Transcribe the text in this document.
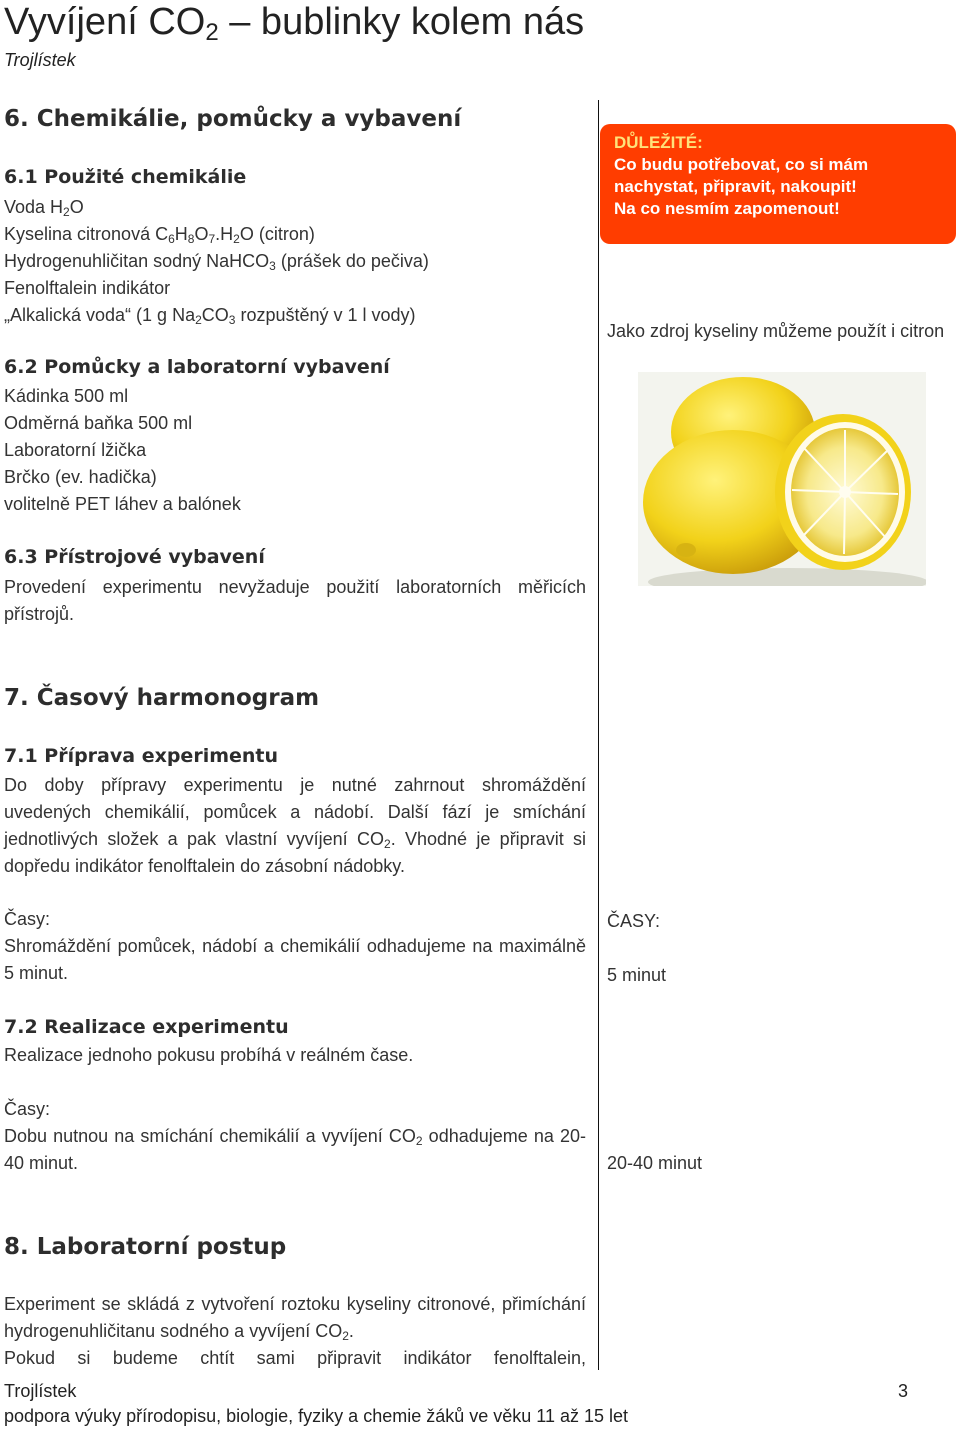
Vyvíjení $CO_2$ – bublinky kolem nás
Trojlístek
6. Chemikálie, pomůcky a vybavení
6.1 Použité chemikálie
Voda $H_2O$
Kyselina citronová $C_6H_8O_7.H_2O$ (citron)
Hydrogenuhličitan sodný NaHCO$_3$ (prášek do pečiva)
Fenolftalein indikátor
„Alkalická voda“ (1 g $Na_2CO_3$ rozpuštěný v 1 l vody)
6.2 Pomůcky a laboratorní vybavení
Kádinka 500 ml
Odměrná baňka 500 ml
Laboratorní lžička
Brčko (ev. hadička)
volitelně PET láhev a balónek
6.3 Přístrojové vybavení
Provedení experimentu nevyžaduje použití laboratorních měřicích přístrojů.
DŮLEŽITÉ:
Co budu potřebovat, co si mám nachystat, připravit, nakoupit!
Na co nesmím zapomenout!
Jako zdroj kyseliny můžeme použít i citron
7. Časový harmonogram
7.1 Příprava experimentu
Do doby přípravy experimentu je nutné zahrnout shromáždění uvedených chemikálií, pomůcek a nádobí. Další fází je smíchání jednotlivých složek a pak vlastní vyvíjení $CO_2$. Vhodné je připravit si dopředu indikátor fenolftalein do zásobní nádobky.
Časy:
Shromáždění pomůcek, nádobí a chemikálií odhadujeme na maximálně 5 minut.
ČASY:
5 minut
7.2 Realizace experimentu
Realizace jednoho pokusu probíhá v reálném čase.
Časy:
Dobu nutnou na smíchání chemikálií a vyvíjení $CO_2$ odhadujeme na 20-40 minut.	20-40 minut
8. Laboratorní postup
Experiment se skládá z vytvoření roztoku kyseliny citronové, přimíchání hydrogenuhličitanu sodného a vyvíjení $CO_2$.
Pokud si budeme chtít sami připravit indikátor fenolftalein,
Trojlístek	3
podpora výuky přírodopisu, biologie, fyziky a chemie žáků ve věku 11 až 15 let
